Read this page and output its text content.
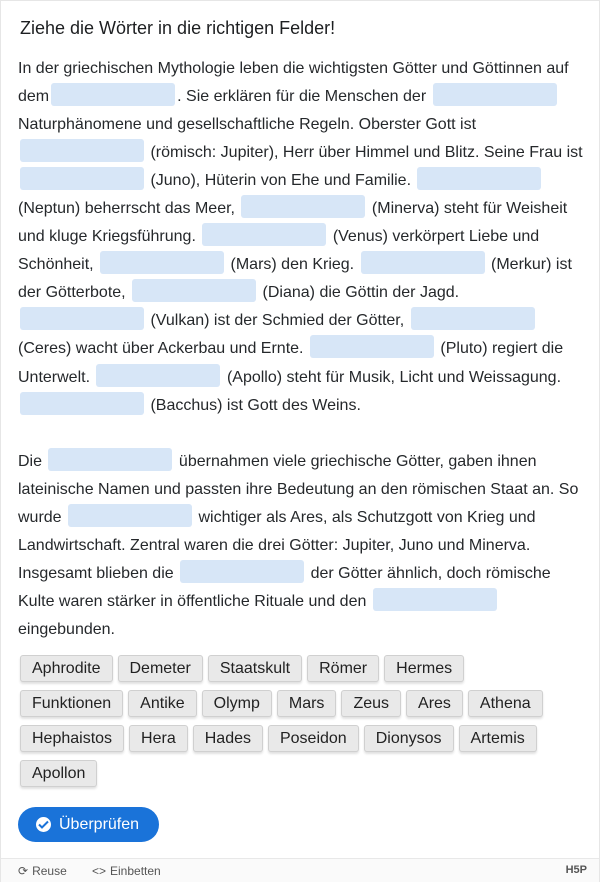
Ziehe die Wörter in die richtigen Felder!

In der griechischen Mythologie leben die wichtigsten Götter und Göttinnen auf dem	. Sie erklären für die Menschen der  Naturphänomene und gesellschaftliche Regeln. Oberster Gott ist  (römisch: Jupiter), Herr über Himmel und Blitz. Seine Frau ist  (Juno), Hüterin von Ehe und Familie.  (Neptun) beherrscht das Meer,	(Minerva) steht für Weisheit und kluge Kriegsführung.	(Venus) verkörpert Liebe und Schönheit,	(Mars) den Krieg.	(Merkur) ist der Götterbote,	(Diana) die Göttin der Jagd.  (Vulkan) ist der Schmied der Götter,  (Ceres) wacht über Ackerbau und Ernte.	(Pluto) regiert die Unterwelt.	(Apollo) steht für Musik, Licht und Weissagung.  (Bacchus) ist Gott des Weins.

Die	übernahmen viele griechische Götter, gaben ihnen lateinische Namen und passten ihre Bedeutung an den römischen Staat an. So wurde	wichtiger als Ares, als Schutzgott von Krieg und Landwirtschaft. Zentral waren die drei Götter: Jupiter, Juno und Minerva. Insgesamt blieben die	der Götter ähnlich, doch römische Kulte waren stärker in öffentliche Rituale und den  eingebunden.

Aphrodite Demeter Staatskult Römer Hermes
Funktionen Antike Olymp Mars Zeus Ares Athena
Hephaistos Hera Hades Poseidon Dionysos Artemis
Apollon
Überprüfen
⟳ Reuse <> Einbetten	H5P
